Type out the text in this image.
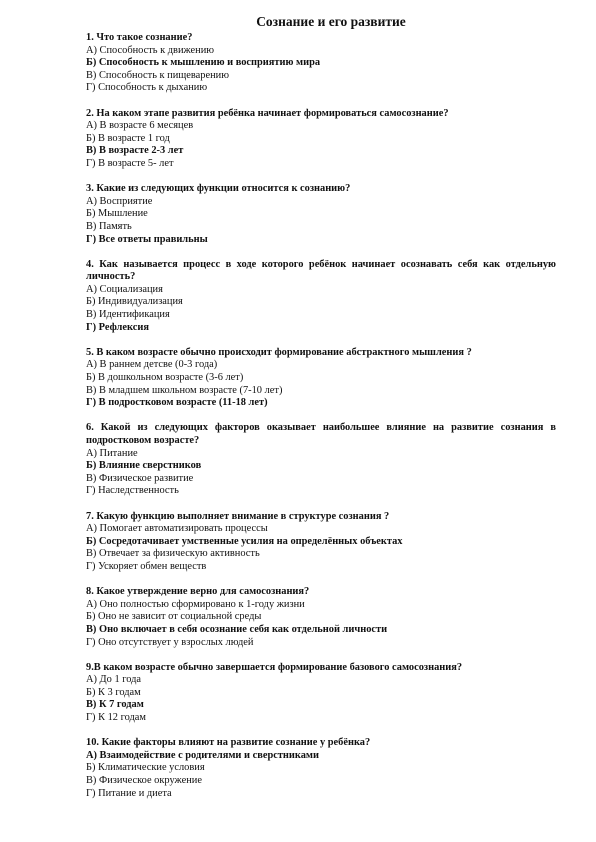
Сознание и его развитие
1. Что такое сознание?
А) Способность к движению
Б) Способность к мышлению и восприятию мира
В) Способность к пищеварению
Г) Способность к дыханию
2. На каком этапе развития ребёнка начинает формироваться самосознание?
А) В возрасте 6 месяцев
Б) В возрасте 1 год
В) В возрасте 2-3 лет
Г) В возрасте 5- лет
3. Какие из следующих функции относится к сознанию?
А) Восприятие
Б) Мышление
В) Память
Г) Все ответы правильны
4. Как называется процесс в ходе которого ребёнок начинает осознавать себя как отдельную личность?
А) Социализация
Б) Индивидуализация
В) Идентификация
Г) Рефлексия
5. В каком возрасте обычно происходит формирование абстрактного мышления ?
А) В раннем детсве (0-3 года)
Б) В дошкольном возрасте (3-6 лет)
В) В младшем школьном возрасте (7-10 лет)
Г) В подростковом возрасте (11-18 лет)
6. Какой из следующих факторов оказывает наибольшее влияние на развитие сознания в подростковом возрасте?
А) Питание
Б) Влияние сверстников
В) Физическое развитие
Г) Наследственность
7. Какую функцию выполняет внимание в структуре сознания ?
А) Помогает автоматизировать процессы
Б) Сосредотачивает умственные усилия на определённых объектах
В) Отвечает за физическую активность
Г) Ускоряет обмен веществ
8. Какое утверждение верно для самосознания?
А) Оно полностью сформировано к 1-году жизни
Б) Оно не зависит от социальной среды
В) Оно включает в себя осознание себя как отдельной личности
Г) Оно отсутствует у взрослых людей
9.В каком возрасте обычно завершается формирование базового самосознания?
А) До 1 года
Б) К 3 годам
В) К 7 годам
Г) К 12 годам
10. Какие факторы влияют на развитие сознание у ребёнка?
А) Взаимодействие с родителями и сверстниками
Б) Климатические условия
В) Физическое окружение
Г) Питание и диета
